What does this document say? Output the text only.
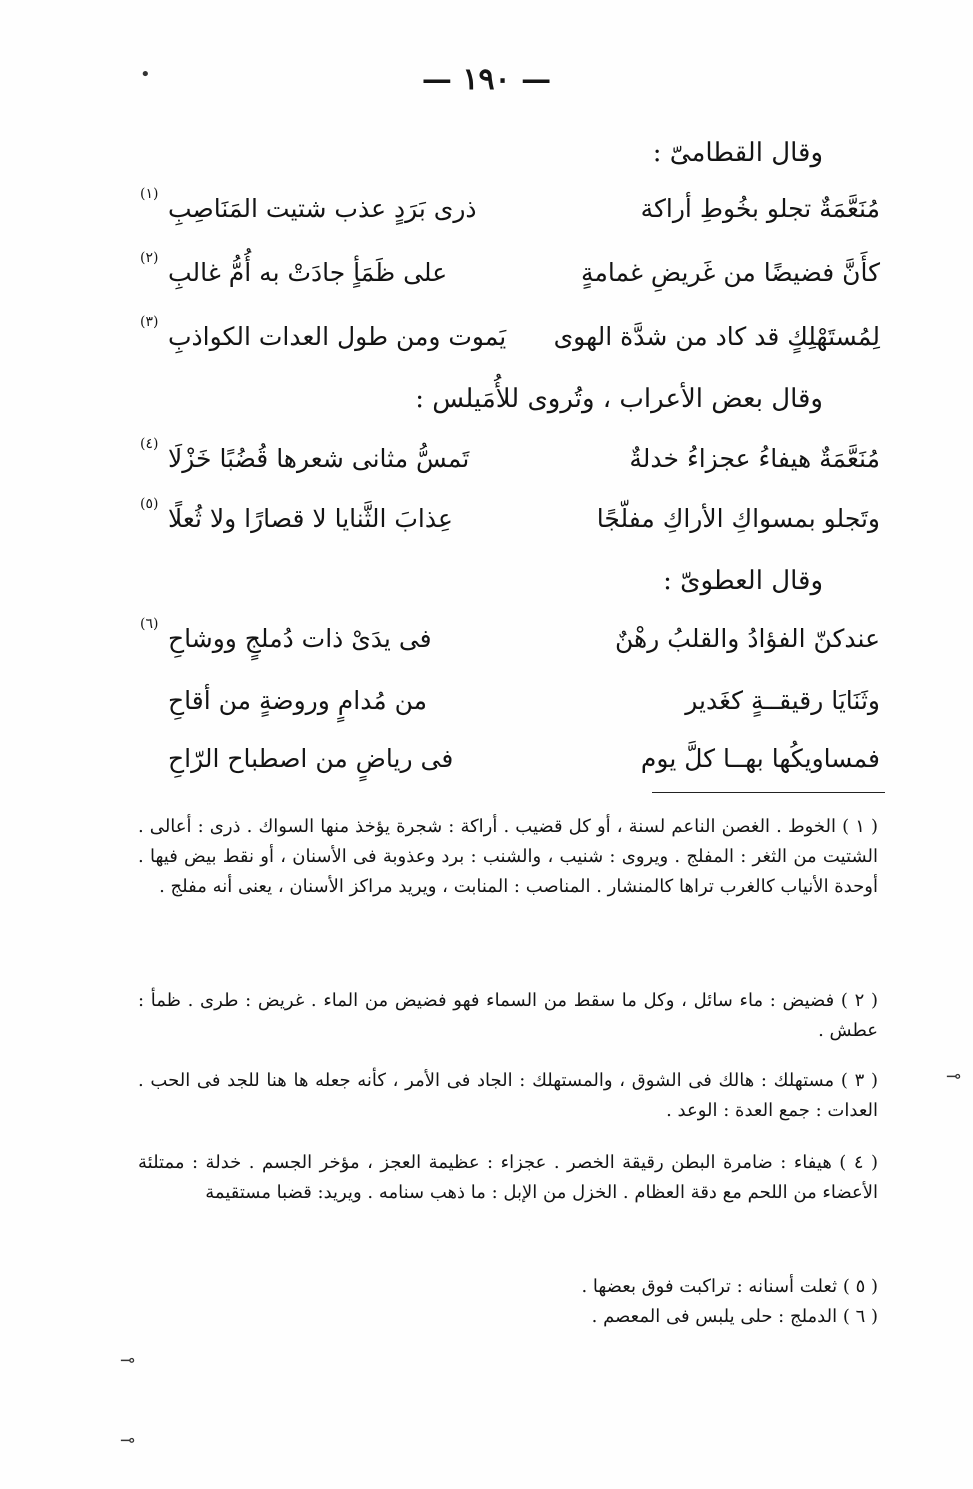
— ١٩٠ —
وقال القطامىّ :
مُنَعَّمَةٌ تجلو بخُوطِ أراكة
ذرى بَرَدٍ عذب شتيت المَنَاصِبِ
(١)
كأَنَّ فضيضًا من غَريضِ غمامةٍ
على ظَمَأٍ جادَتْ به أُمُّ غالبِ
(٢)
لِمُستَهْلِكٍ قد كاد من شدَّة الهوى
يَموت ومن طول العدات الكواذبِ
(٣)
وقال بعض الأعراب ، وتُروى للأُمَيلس :
مُنَعَّمَةٌ هيفاءُ عجزاءُ خدلةٌ
تَمسُّ مثانى شعرها قُضُبًا خَزْلَا
(٤)
وتَجلو بمسواكِ الأراكِ مفلّجًا
عِذابَ الثَّنايا لا قصارًا ولا ثُعلًا
(٥)
وقال العطوىّ :
عندكنّ الفؤادُ والقلبُ رهْنٌ
فى يدَىْ ذات دُملجٍ ووشاحِ
(٦)
وثَنَايَا رقيقــةٍ كغَدير
من مُدامٍ وروضةٍ من أقاحِ
فمساويكُها بهــا كلَّ يوم
فى رياضٍ من اصطباح الرّاحِ

( ١ ) الخوط . الغصن الناعم لسنة ، أو كل قضيب . أراكة : شجرة يؤخذ منها السواك . ذرى : أعالى . الشتيت من الثغر : المفلج . ويروى : شنيب ، والشنب : برد وعذوبة فى الأسنان ، أو نقط بيض فيها . أوحدة الأنياب كالغرب تراها كالمنشار . المناصب : المنابت ، ويريد مراكز الأسنان ، يعنى أنه مفلج .

( ٢ ) فضيض : ماء سائل ، وكل ما سقط من السماء فهو فضيض من الماء . غريض : طرى . ظمأ : عطش .

( ٣ ) مستهلك : هالك فى الشوق ، والمستهلك : الجاد فى الأمر ، كأنه جعله ها هنا للجد فى الحب . العدات : جمع العدة : الوعد .

( ٤ ) هيفاء : ضامرة البطن رقيقة الخصر . عجزاء : عظيمة العجز ، مؤخر الجسم . خدلة : ممتلئة الأعضاء من اللحم مع دقة العظام . الخزل من الإبل : ما ذهب سنامه . ويريد: قضبا مستقيمة

( ٥ ) ثعلت أسنانه : تراكبت فوق بعضها .

( ٦ ) الدملج : حلى يلبس فى المعصم .

•
⊸
⊸
⊸
